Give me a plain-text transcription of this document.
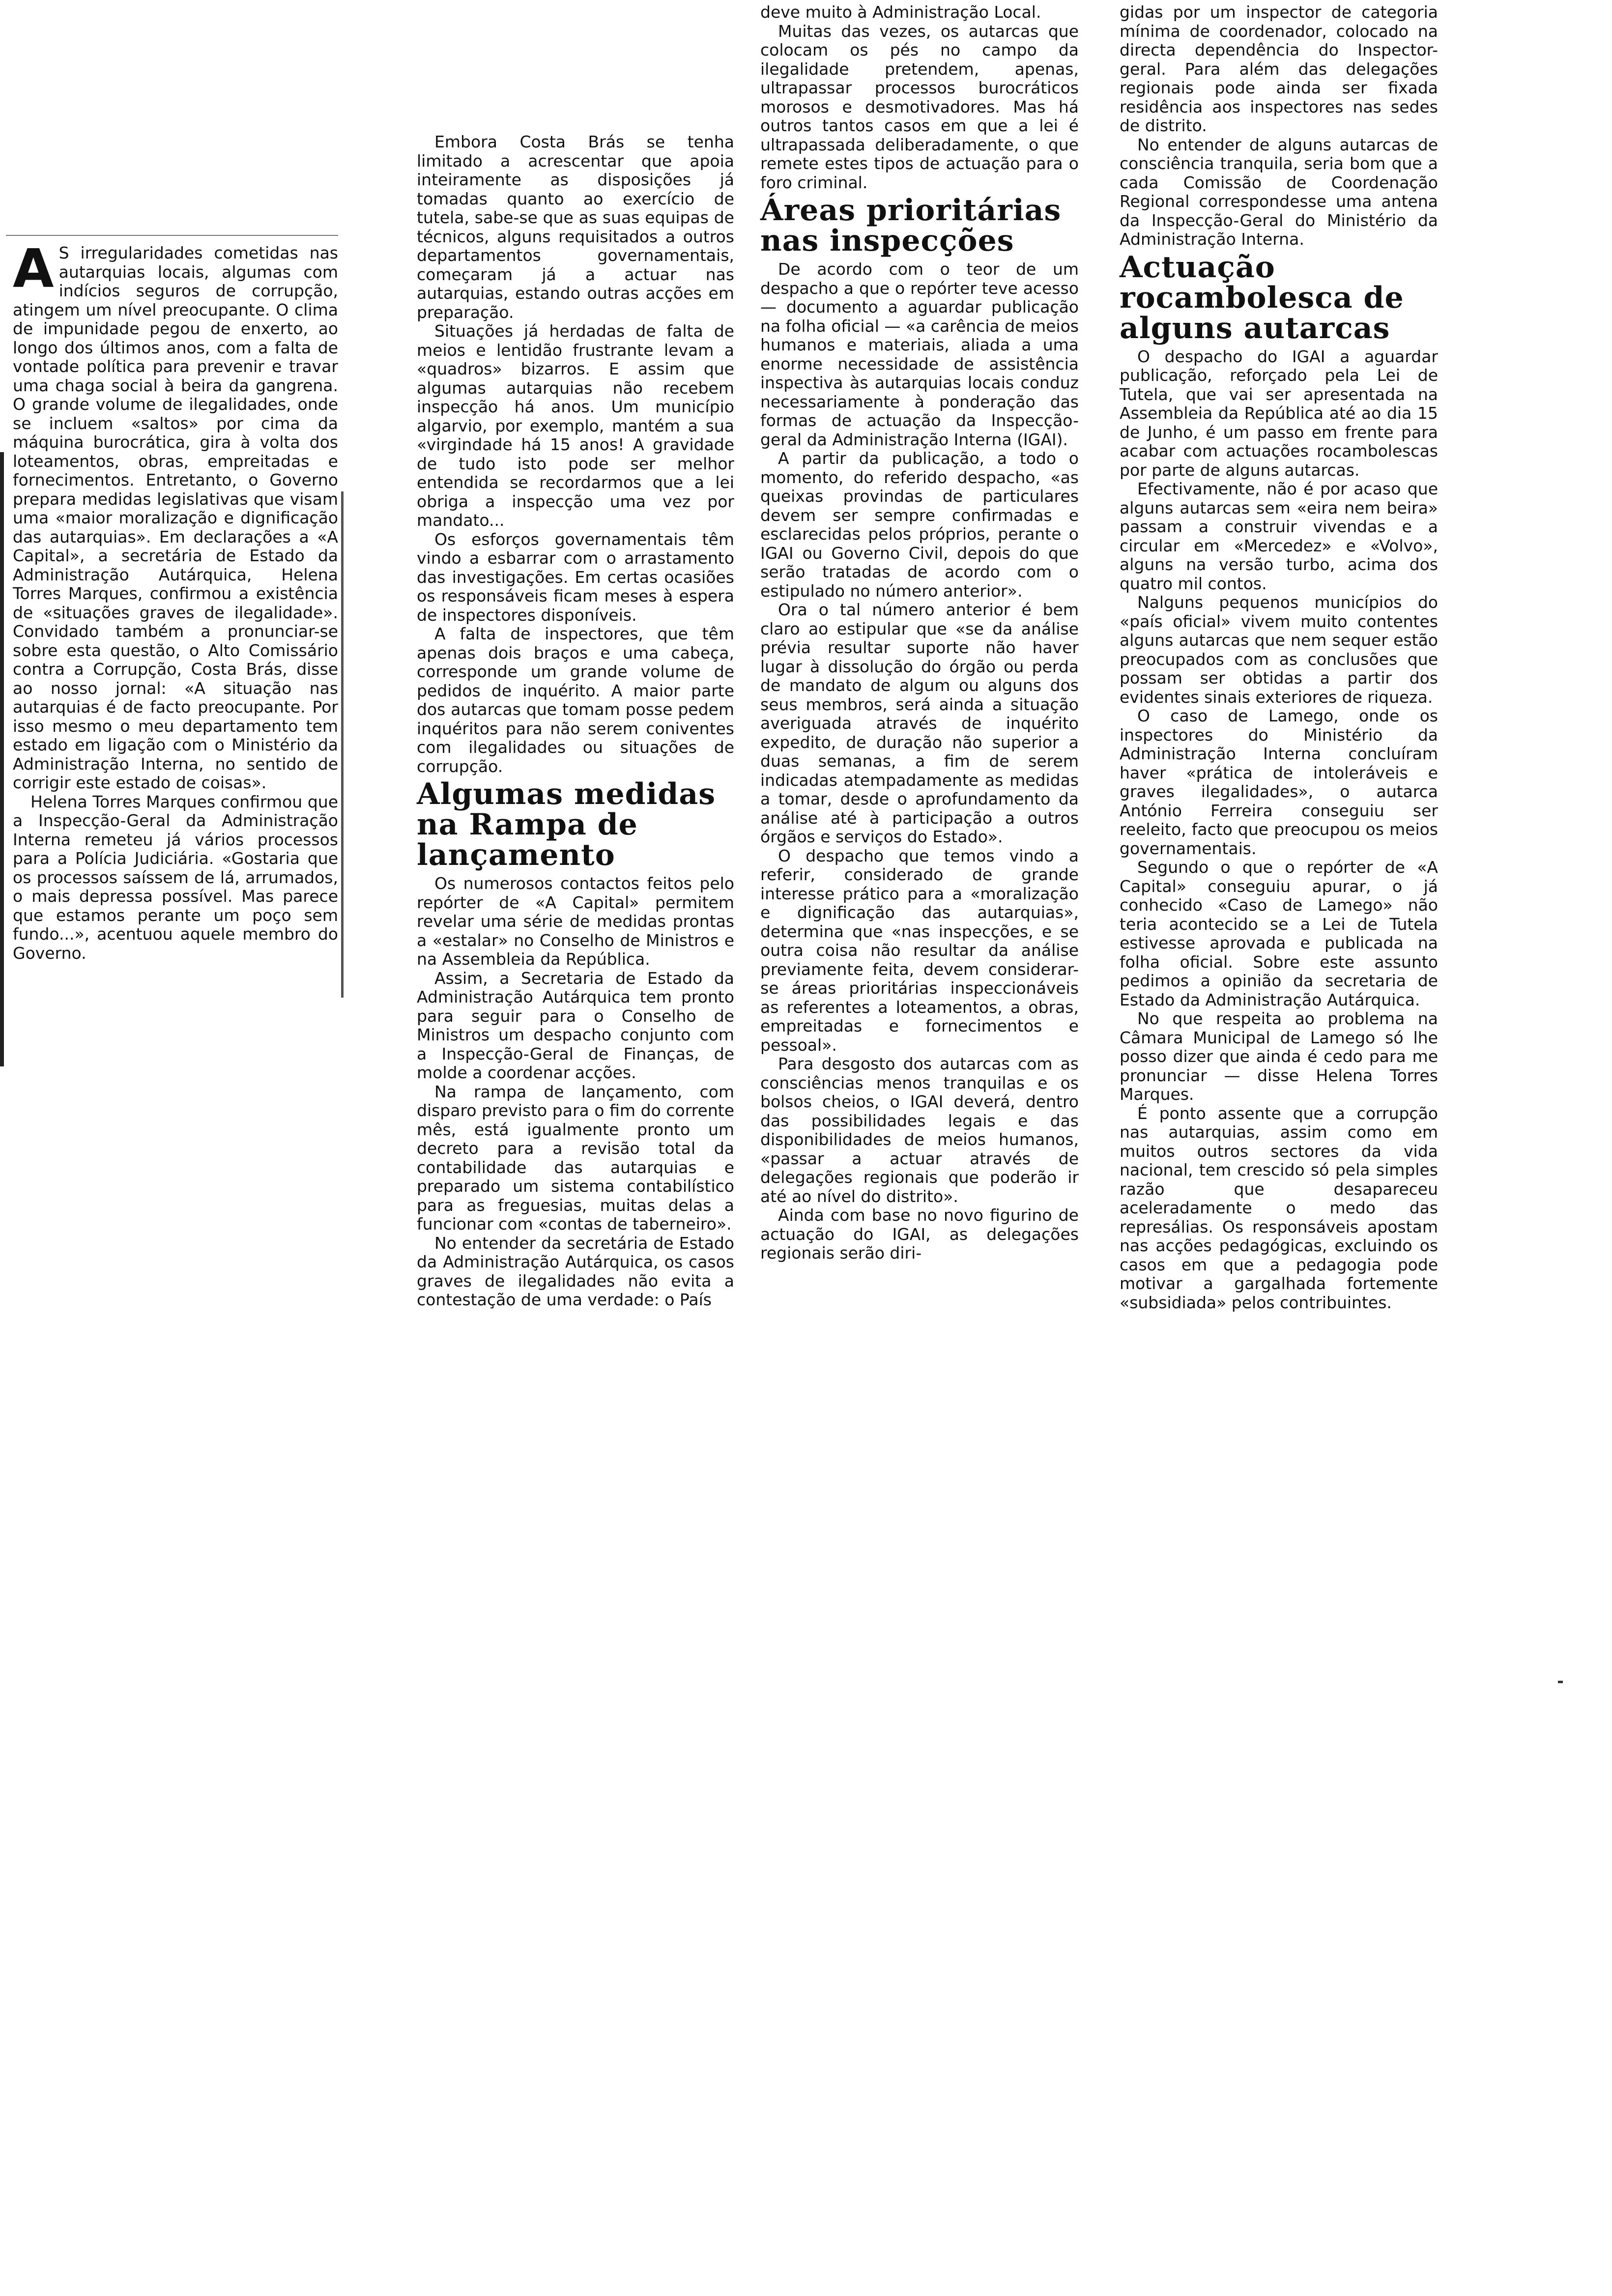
A S irregularidades cometidas nas autarquias locais, algumas com indícios seguros de corrupção, atingem um nível preocupante. O clima de impunidade pegou de enxerto, ao longo dos últimos anos, com a falta de vontade política para prevenir e travar uma chaga social à beira da gangrena. O grande volume de ilegalidades, onde se incluem «saltos» por cima da máquina burocrática, gira à volta dos loteamentos, obras, empreitadas e fornecimentos. Entretanto, o Governo prepara medidas legislativas que visam uma «maior moralização e dignificação das autarquias». Em declarações a «A Capital», a secretária de Estado da Administração Autárquica, Helena Torres Marques, confirmou a existência de «situações graves de ilegalidade». Convidado também a pronunciar-se sobre esta questão, o Alto Comissário contra a Corrupção, Costa Brás, disse ao nosso jornal: «A situação nas autarquias é de facto preocupante. Por isso mesmo o meu departamento tem estado em ligação com o Ministério da Administração Interna, no sentido de corrigir este estado de coisas».

Helena Torres Marques confirmou que a Inspecção-Geral da Administração Interna remeteu já vários processos para a Polícia Judiciária. «Gostaria que os processos saíssem de lá, arrumados, o mais depressa possível. Mas parece que estamos perante um poço sem fundo...», acentuou aquele membro do Governo.

Embora Costa Brás se tenha limitado a acrescentar que apoia inteiramente as disposições já tomadas quanto ao exercício de tutela, sabe-se que as suas equipas de técnicos, alguns requisitados a outros departamentos governamentais, começaram já a actuar nas autarquias, estando outras acções em preparação.

Situações já herdadas de falta de meios e lentidão frustrante levam a «quadros» bizarros. E assim que algumas autarquias não recebem inspecção há anos. Um município algarvio, por exemplo, mantém a sua «virgindade há 15 anos! A gravidade de tudo isto pode ser melhor entendida se recordarmos que a lei obriga a inspecção uma vez por mandato...

Os esforços governamentais têm vindo a esbarrar com o arrastamento das investigações. Em certas ocasiões os responsáveis ficam meses à espera de inspectores disponíveis.

A falta de inspectores, que têm apenas dois braços e uma cabeça, corresponde um grande volume de pedidos de inquérito. A maior parte dos autarcas que tomam posse pedem inquéritos para não serem coniventes com ilegalidades ou situações de corrupção.

Algumas medidas na Rampa de lançamento

Os numerosos contactos feitos pelo repórter de «A Capital» permitem revelar uma série de medidas prontas a «estalar» no Conselho de Ministros e na Assembleia da República.

Assim, a Secretaria de Estado da Administração Autárquica tem pronto para seguir para o Conselho de Ministros um despacho conjunto com a Inspecção-Geral de Finanças, de molde a coordenar acções.

Na rampa de lançamento, com disparo previsto para o fim do corrente mês, está igualmente pronto um decreto para a revisão total da contabilidade das autarquias e preparado um sistema contabilístico para as freguesias, muitas delas a funcionar com «contas de taberneiro».

No entender da secretária de Estado da Administração Autárquica, os casos graves de ilegalidades não evita a contestação de uma verdade: o País

deve muito à Administração Local.

Muitas das vezes, os autarcas que colocam os pés no campo da ilegalidade pretendem, apenas, ultrapassar processos burocráticos morosos e desmotivadores. Mas há outros tantos casos em que a lei é ultrapassada deliberadamente, o que remete estes tipos de actuação para o foro criminal.

Áreas prioritárias nas inspecções

De acordo com o teor de um despacho a que o repórter teve acesso — documento a aguardar publicação na folha oficial — «a carência de meios humanos e materiais, aliada a uma enorme necessidade de assistência inspectiva às autarquias locais conduz necessariamente à ponderação das formas de actuação da Inspecção-geral da Administração Interna (IGAI).

A partir da publicação, a todo o momento, do referido despacho, «as queixas provindas de particulares devem ser sempre confirmadas e esclarecidas pelos próprios, perante o IGAI ou Governo Civil, depois do que serão tratadas de acordo com o estipulado no número anterior».

Ora o tal número anterior é bem claro ao estipular que «se da análise prévia resultar suporte não haver lugar à dissolução do órgão ou perda de mandato de algum ou alguns dos seus membros, será ainda a situação averiguada através de inquérito expedito, de duração não superior a duas semanas, a fim de serem indicadas atempadamente as medidas a tomar, desde o aprofundamento da análise até à participação a outros órgãos e serviços do Estado».

O despacho que temos vindo a referir, considerado de grande interesse prático para a «moralização e dignificação das autarquias», determina que «nas inspecções, e se outra coisa não resultar da análise previamente feita, devem considerar-se áreas prioritárias inspeccionáveis as referentes a loteamentos, a obras, empreitadas e fornecimentos e pessoal».

Para desgosto dos autarcas com as consciências menos tranquilas e os bolsos cheios, o IGAI deverá, dentro das possibilidades legais e das disponibilidades de meios humanos, «passar a actuar através de delegações regionais que poderão ir até ao nível do distrito».

Ainda com base no novo figurino de actuação do IGAI, as delegações regionais serão diri-

gidas por um inspector de categoria mínima de coordenador, colocado na directa dependência do Inspector-geral. Para além das delegações regionais pode ainda ser fixada residência aos inspectores nas sedes de distrito.

No entender de alguns autarcas de consciência tranquila, seria bom que a cada Comissão de Coordenação Regional correspondesse uma antena da Inspecção-Geral do Ministério da Administração Interna.

Actuação rocambolesca de alguns autarcas

O despacho do IGAI a aguardar publicação, reforçado pela Lei de Tutela, que vai ser apresentada na Assembleia da República até ao dia 15 de Junho, é um passo em frente para acabar com actuações rocambolescas por parte de alguns autarcas.

Efectivamente, não é por acaso que alguns autarcas sem «eira nem beira» passam a construir vivendas e a circular em «Mercedez» e «Volvo», alguns na versão turbo, acima dos quatro mil contos.

Nalguns pequenos municípios do «país oficial» vivem muito contentes alguns autarcas que nem sequer estão preocupados com as conclusões que possam ser obtidas a partir dos evidentes sinais exteriores de riqueza.

O caso de Lamego, onde os inspectores do Ministério da Administração Interna concluíram haver «prática de intoleráveis e graves ilegalidades», o autarca António Ferreira conseguiu ser reeleito, facto que preocupou os meios governamentais.

Segundo o que o repórter de «A Capital» conseguiu apurar, o já conhecido «Caso de Lamego» não teria acontecido se a Lei de Tutela estivesse aprovada e publicada na folha oficial. Sobre este assunto pedimos a opinião da secretaria de Estado da Administração Autárquica.

No que respeita ao problema na Câmara Municipal de Lamego só lhe posso dizer que ainda é cedo para me pronunciar — disse Helena Torres Marques.

É ponto assente que a corrupção nas autarquias, assim como em muitos outros sectores da vida nacional, tem crescido só pela simples razão que desapareceu aceleradamente o medo das represálias. Os responsáveis apostam nas acções pedagógicas, excluindo os casos em que a pedagogia pode motivar a gargalhada fortemente «subsidiada» pelos contribuintes.
